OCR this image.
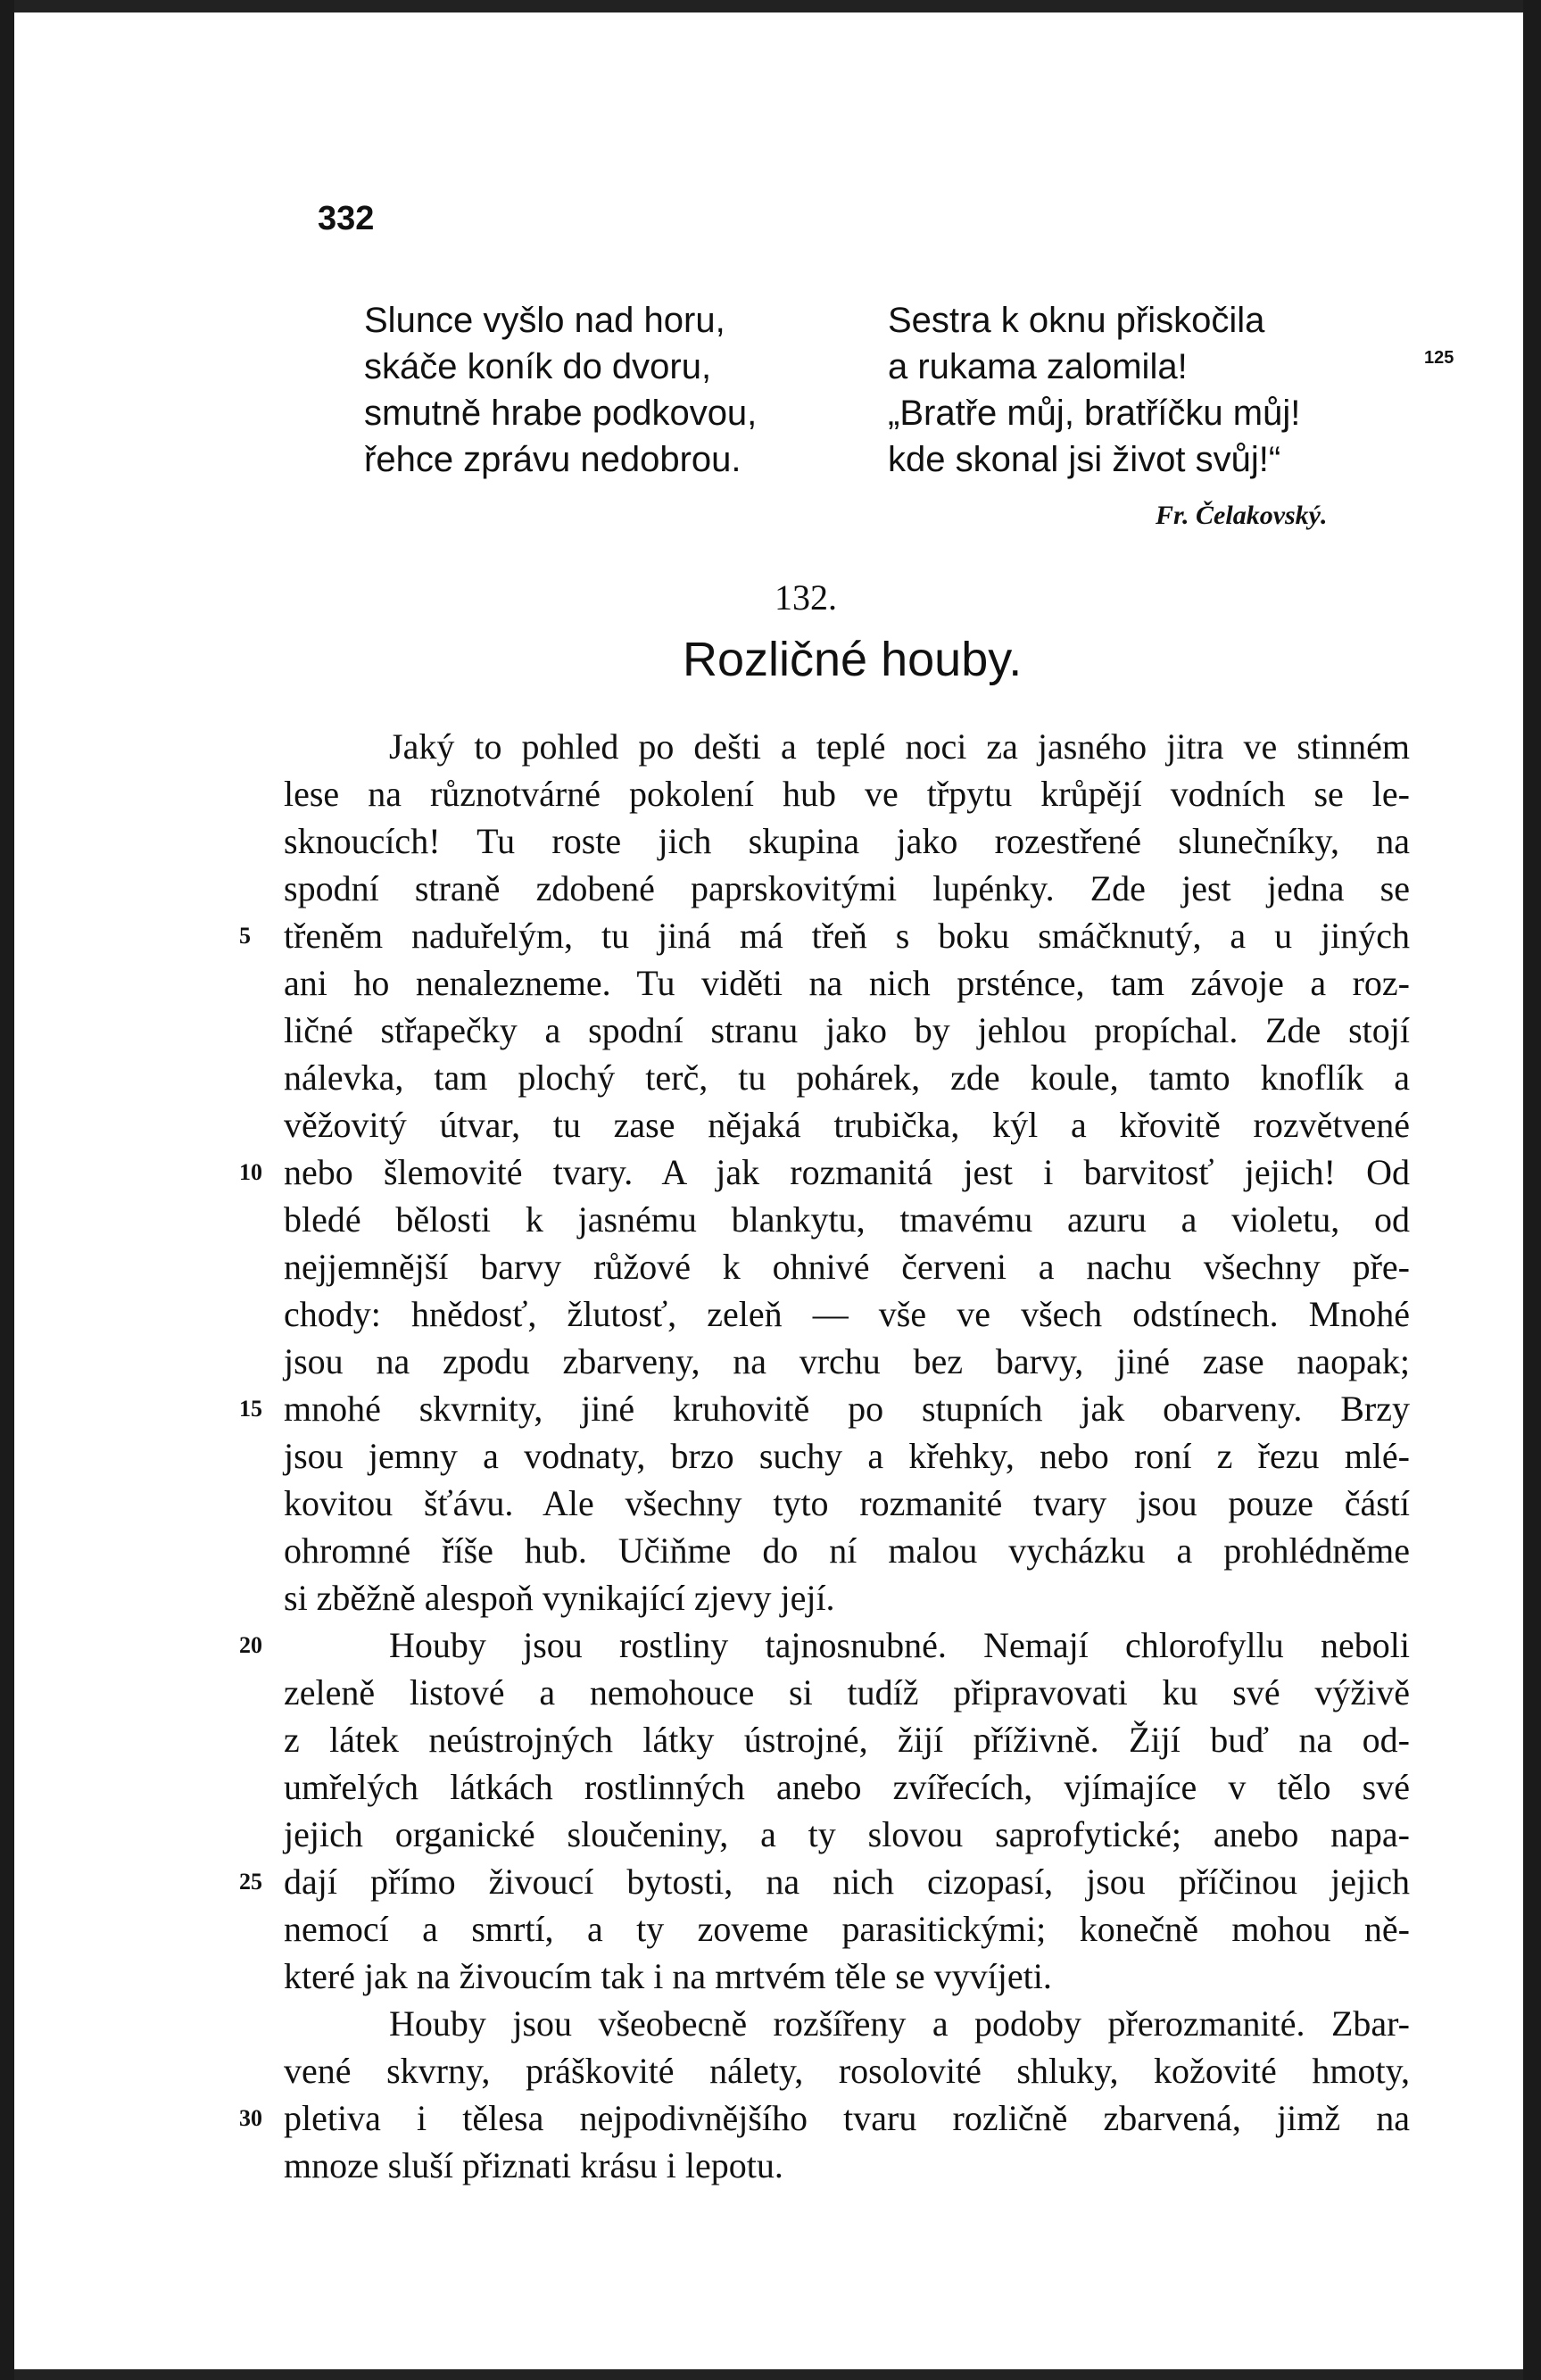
332
Slunce vyšlo nad horu,
skáče koník do dvoru,
smutně hrabe podkovou,
řehce zprávu nedobrou.
Sestra k oknu přiskočila
a rukama zalomila!
„Bratře můj, bratříčku můj!
kde skonal jsi život svůj!“
125
Fr. Čelakovský.
132.
Rozličné houby.
Jaký to pohled po dešti a teplé noci za jasného jitra ve stinném
lese na různotvárné pokolení hub ve třpytu krůpějí vodních se le-
sknoucích! Tu roste jich skupina jako rozestřené slunečníky, na
spodní straně zdobené paprskovitými lupénky. Zde jest jedna se
třeněm naduřelým, tu jiná má třeň s boku smáčknutý, a u jiných
ani ho nenalezneme. Tu viděti na nich prsténce, tam závoje a roz-
ličné střapečky a spodní stranu jako by jehlou propíchal. Zde stojí
nálevka, tam plochý terč, tu pohárek, zde koule, tamto knoflík a
věžovitý útvar, tu zase nějaká trubička, kýl a křovitě rozvětvené
nebo šlemovité tvary. A jak rozmanitá jest i barvitosť jejich! Od
bledé bělosti k jasnému blankytu, tmavému azuru a violetu, od
nejjemnější barvy růžové k ohnivé červeni a nachu všechny pře-
chody: hnědosť, žlutosť, zeleň — vše ve všech odstínech. Mnohé
jsou na zpodu zbarveny, na vrchu bez barvy, jiné zase naopak;
mnohé skvrnity, jiné kruhovitě po stupních jak obarveny. Brzy
jsou jemny a vodnaty, brzo suchy a křehky, nebo roní z řezu mlé-
kovitou šťávu. Ale všechny tyto rozmanité tvary jsou pouze částí
ohromné říše hub. Učiňme do ní malou vycházku a prohlédněme
si zběžně alespoň vynikající zjevy její.
Houby jsou rostliny tajnosnubné. Nemají chlorofyllu neboli
zeleně listové a nemohouce si tudíž připravovati ku své výživě
z látek neústrojných látky ústrojné, žijí příživně. Žijí buď na od-
umřelých látkách rostlinných anebo zvířecích, vjímajíce v tělo své
jejich organické sloučeniny, a ty slovou saprofytické; anebo napa-
dají přímo živoucí bytosti, na nich cizopasí, jsou příčinou jejich
nemocí a smrtí, a ty zoveme parasitickými; konečně mohou ně-
které jak na živoucím tak i na mrtvém těle se vyvíjeti.
Houby jsou všeobecně rozšířeny a podoby přerozmanité. Zbar-
vené skvrny, práškovité nálety, rosolovité shluky, kožovité hmoty,
pletiva i tělesa nejpodivnějšího tvaru rozličně zbarvená, jimž na
mnoze sluší přiznati krásu i lepotu.
5
10
15
20
25
30
